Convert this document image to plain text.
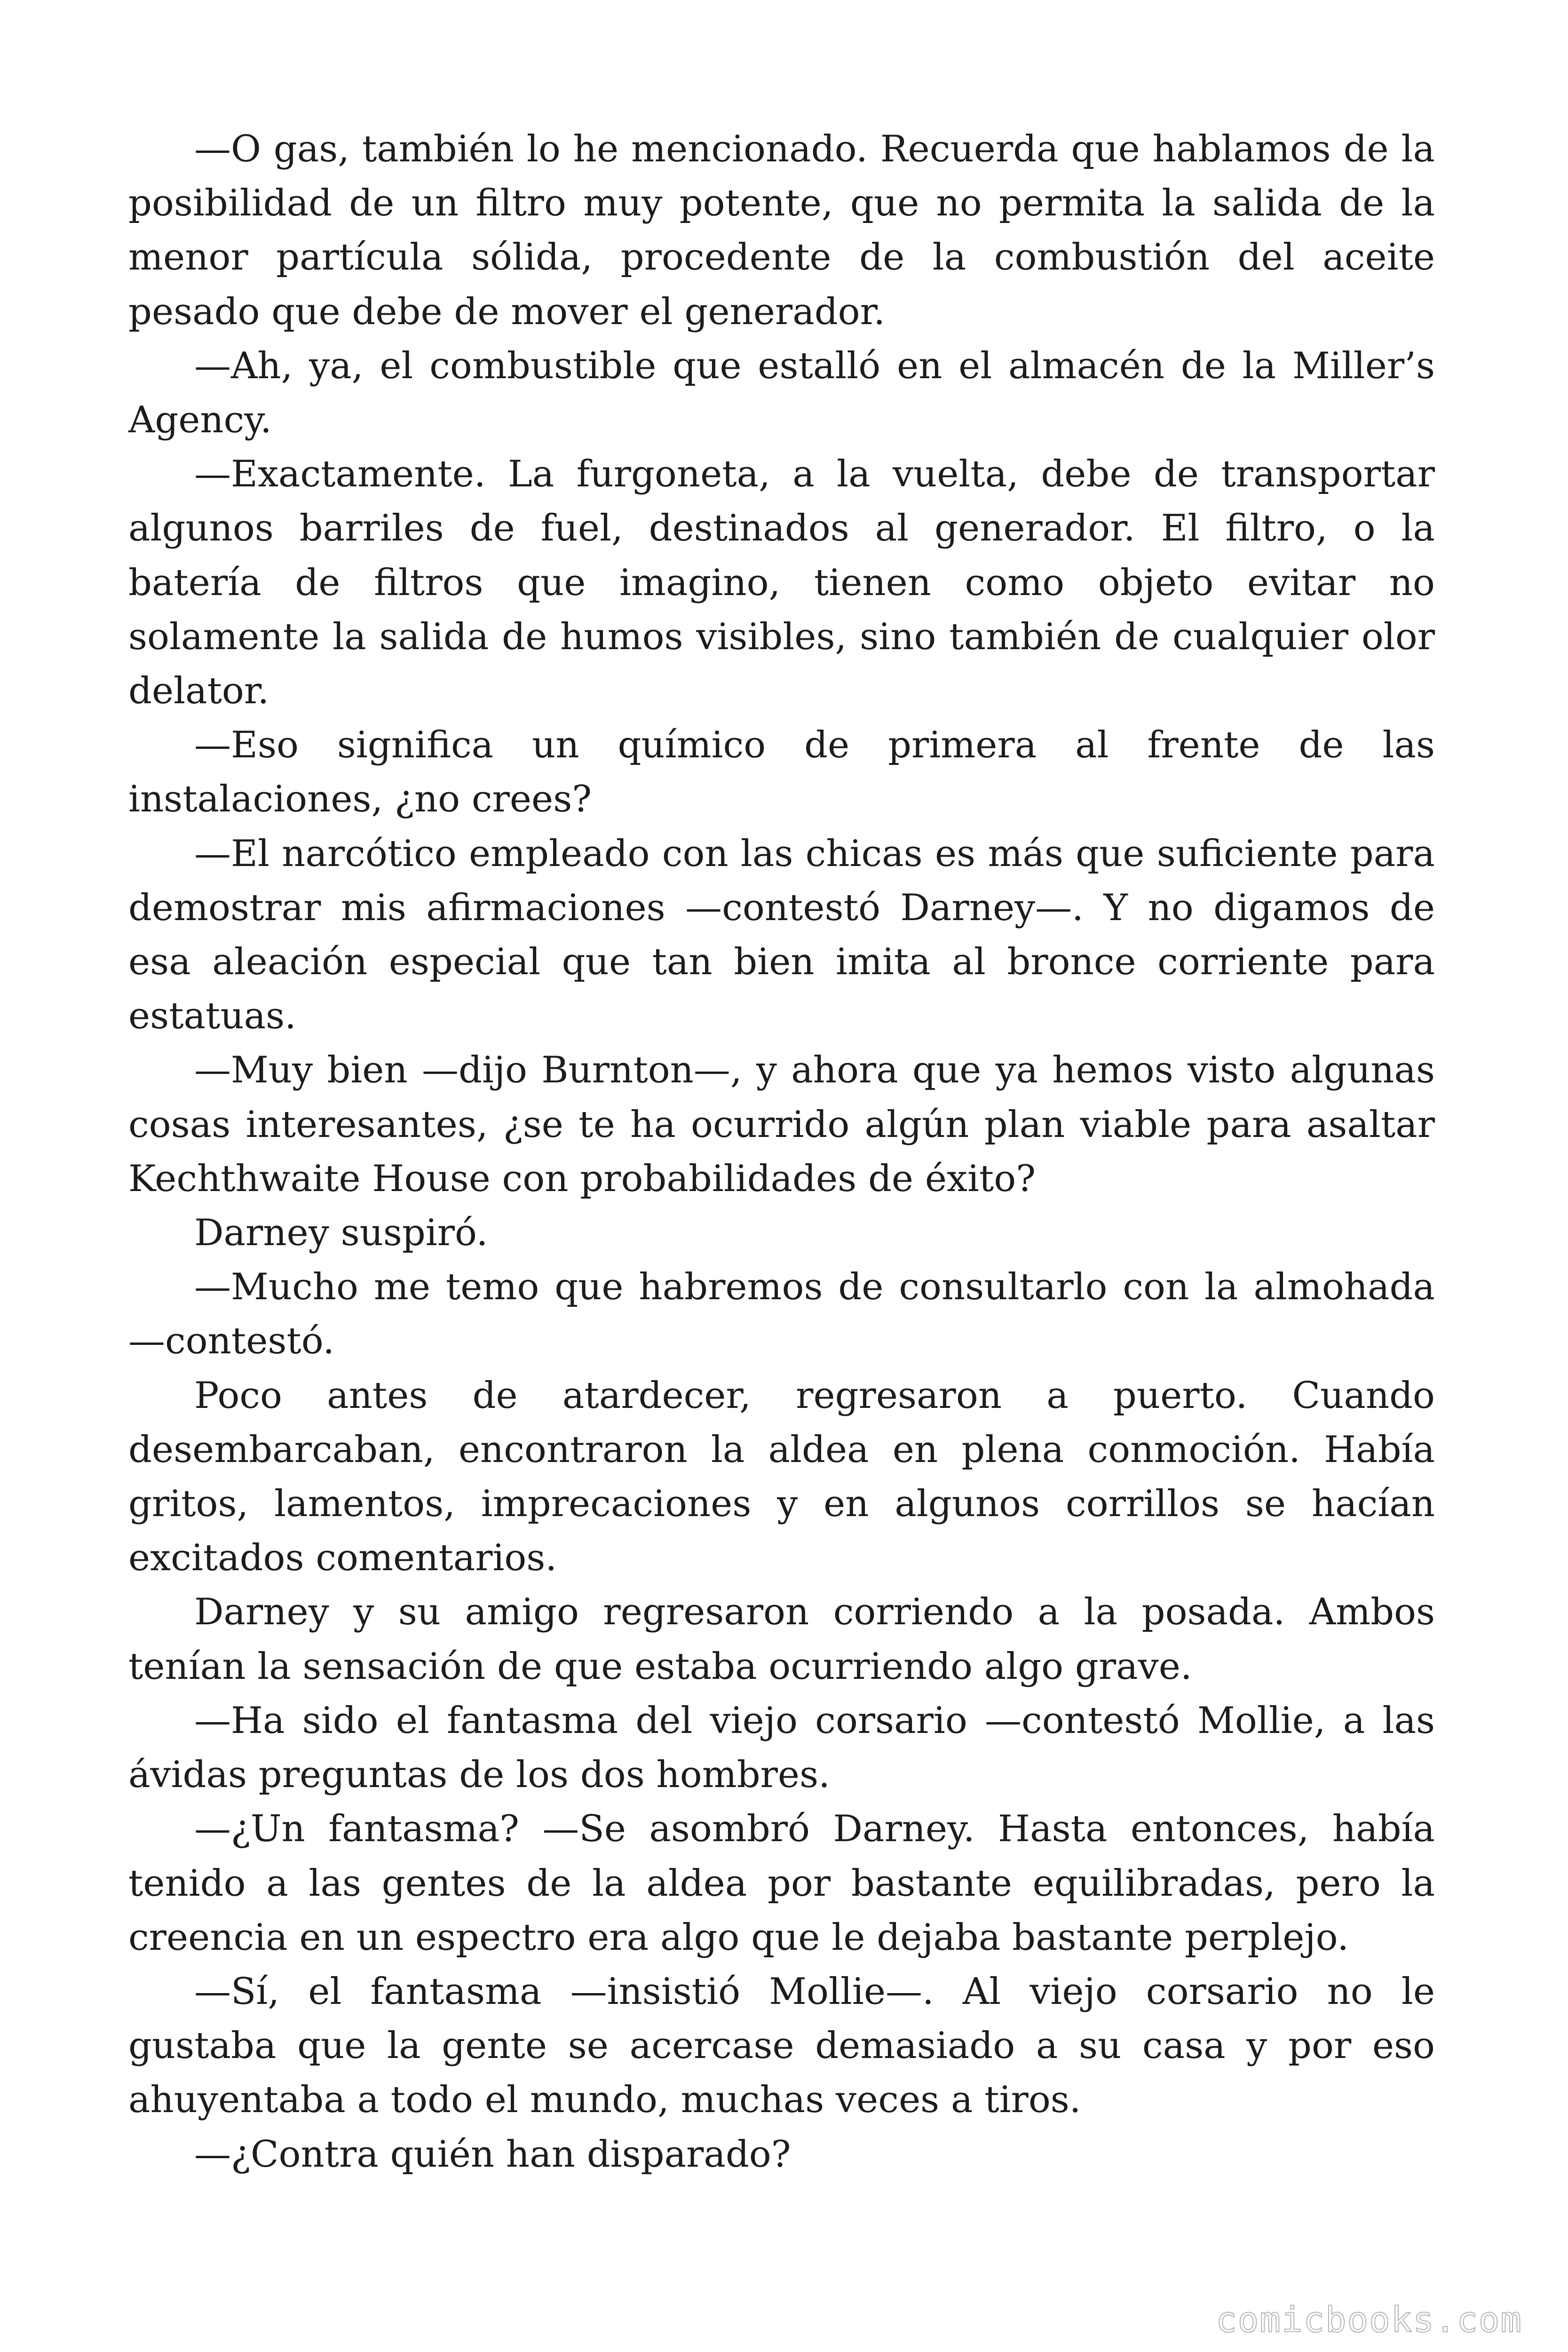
—O gas, también lo he mencionado. Recuerda que hablamos de la posibilidad de un filtro muy potente, que no permita la salida de la menor partícula sólida, procedente de la combustión del aceite pesado que debe de mover el generador.

—Ah, ya, el combustible que estalló en el almacén de la Miller’s Agency.

—Exactamente. La furgoneta, a la vuelta, debe de transportar algunos barriles de fuel, destinados al generador. El filtro, o la batería de filtros que imagino, tienen como objeto evitar no solamente la salida de humos visibles, sino también de cualquier olor delator.

—Eso significa un químico de primera al frente de las instalaciones, ¿no crees?

—El narcótico empleado con las chicas es más que suficiente para demostrar mis afirmaciones —contestó Darney—. Y no digamos de esa aleación especial que tan bien imita al bronce corriente para estatuas.

—Muy bien —dijo Burnton—, y ahora que ya hemos visto algunas cosas interesantes, ¿se te ha ocurrido algún plan viable para asaltar Kechthwaite House con probabilidades de éxito?

Darney suspiró.

—Mucho me temo que habremos de consultarlo con la almohada —contestó.

Poco antes de atardecer, regresaron a puerto. Cuando desembarcaban, encontraron la aldea en plena conmoción. Había gritos, lamentos, imprecaciones y en algunos corrillos se hacían excitados comentarios.

Darney y su amigo regresaron corriendo a la posada. Ambos tenían la sensación de que estaba ocurriendo algo grave.

—Ha sido el fantasma del viejo corsario —contestó Mollie, a las ávidas preguntas de los dos hombres.

—¿Un fantasma? —Se asombró Darney. Hasta entonces, había tenido a las gentes de la aldea por bastante equilibradas, pero la creencia en un espectro era algo que le dejaba bastante perplejo.

—Sí, el fantasma —insistió Mollie—. Al viejo corsario no le gustaba que la gente se acercase demasiado a su casa y por eso ahuyentaba a todo el mundo, muchas veces a tiros.

—¿Contra quién han disparado?

comicbooks.com
